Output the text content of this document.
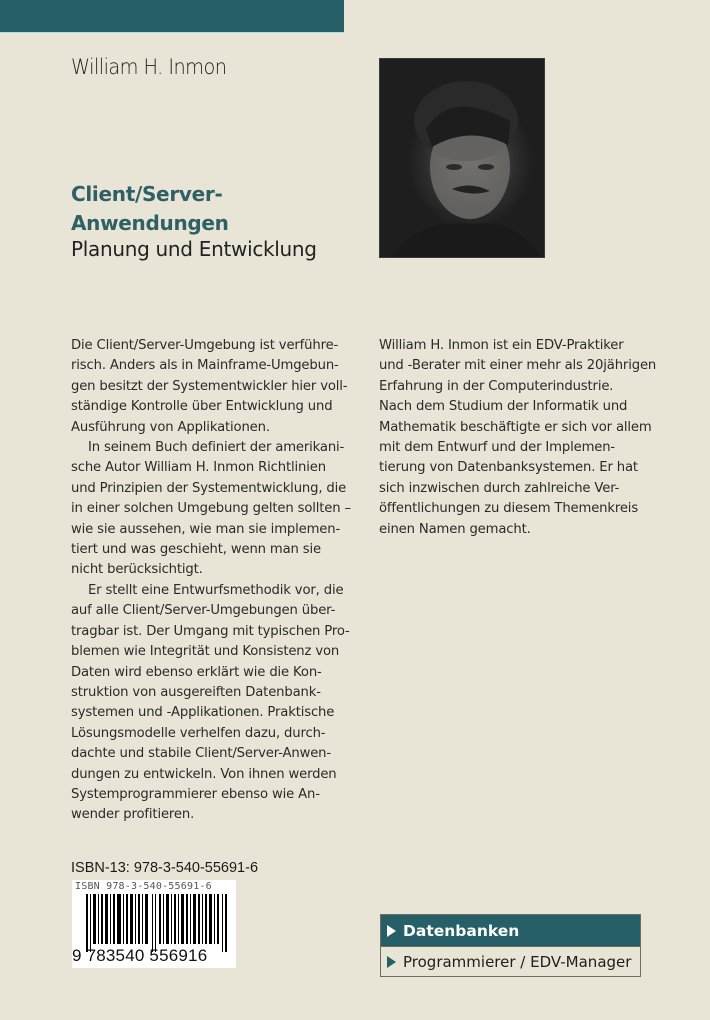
William H. Inmon
Client/Server-
Anwendungen
Planung und Entwicklung

Die Client/Server-Umgebung ist verführe-

risch. Anders als in Mainframe-Umgebun-

gen besitzt der Systementwickler hier voll-

ständige Kontrolle über Entwicklung und

Ausführung von Applikationen.

In seinem Buch definiert der amerikani-

sche Autor William H. Inmon Richtlinien

und Prinzipien der Systementwicklung, die

in einer solchen Umgebung gelten sollten –

wie sie aussehen, wie man sie implemen-

tiert und was geschieht, wenn man sie

nicht berücksichtigt.

Er stellt eine Entwurfsmethodik vor, die

auf alle Client/Server-Umgebungen über-

tragbar ist. Der Umgang mit typischen Pro-

blemen wie Integrität und Konsistenz von

Daten wird ebenso erklärt wie die Kon-

struktion von ausgereiften Datenbank-

systemen und -Applikationen. Praktische

Lösungsmodelle verhelfen dazu, durch-

dachte und stabile Client/Server-Anwen-

dungen zu entwickeln. Von ihnen werden

Systemprogrammierer ebenso wie An-

wender profitieren.

William H. Inmon ist ein EDV-Praktiker

und -Berater mit einer mehr als 20jährigen

Erfahrung in der Computerindustrie.

Nach dem Studium der Informatik und

Mathematik beschäftigte er sich vor allem

mit dem Entwurf und der Implemen-

tierung von Datenbanksystemen. Er hat

sich inzwischen durch zahlreiche Ver-

öffentlichungen zu diesem Themenkreis

einen Namen gemacht.

ISBN-13: 978-3-540-55691-6
ISBN 978-3-540-55691-6
9 783540 556916
Datenbanken
Programmierer / EDV-Manager
